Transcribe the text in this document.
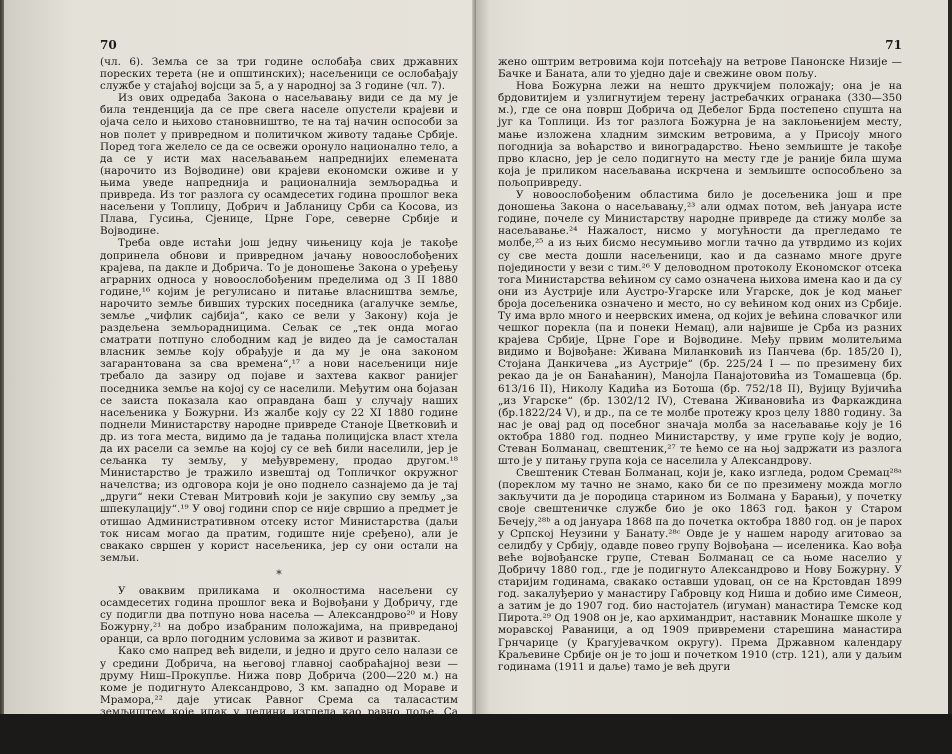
70

(чл. 6). Земља се за три године ослобађа свих државних пореских терета (не и општинских); насељеници се ослобађају службе у стајаћој војсци за 5, а у народној за 3 године (чл. 7).

Из ових одредаба Закона о насељавању види се да му је била тенденција да се пре свега населе опустели крајеви и ојача село и њихово становништво, те на тај начин оспособи за нов полет у привредном и политичком животу тадање Србије. Поред тога желело се да се освежи оронуло национално тело, а да се у исти мах насељавањем напреднијих елемената (нарочито из Војводине) ови крајеви економски оживе и у њима уведе напреднија и рационалнија земљорадња и привреда. Из тог разлога су осамдесетих година прошлог века насељени у Топлицу, Добрич и Јабланицу Срби са Косова, из Плава, Гусиња, Сјенице, Црне Горе, северне Србије и Војводине.

Треба овде истаћи још једну чињеницу која је такође допринела обнови и привредном јачању новоослобођених крајева, па дакле и Добрича. То је доношење Закона о уређењу аграрних односа у новоослобођеним пределима од 3 II 1880 године,¹⁶ којим је регулисано и питање власништва земље, нарочито земље бивших турских поседника (агалучке земље, земље „чифлик сајбија“, како се вели у Закону) која је раздељена земљорадницима. Сељак се „тек онда могао сматрати потпуно слободним кад је видео да је самосталан власник земље коју обрађује и да му је она законом загарантована за сва времена“,¹⁷ а нови насељеници није требало да зазиру од појаве и захтева каквог ранијег поседника земље на којој су се населили. Међутим она бојазан се заиста показала као оправдана баш у случају наших насељеника у Божурни. Из жалбе коју су 22 XI 1880 године поднели Министарству народне привреде Станоје Цветковић и др. из тога места, видимо да је тадања полицијска власт хтела да их расели са земље на којој су се већ били населили, јер је сељанка ту земљу, у међувремену, продао другом.¹⁸ Министарство је тражило извештај од Топличког окружног начелства; из одговора који је оно поднело сазнајемо да је тај „други“ неки Стеван Митровић који је закупио сву земљу „за шпекулацију“.¹⁹ У овој години спор се није свршио а предмет је отишао Административном отсеку истог Министарства (даљи ток нисам могао да пратим, годиште није сређено), али је свакако свршен у корист насељеника, јер су они остали на земљи.

*

У оваквим приликама и околностима насељени су осамдесетих година прошлог века и Војвођани у Добричу, где су подигли два потпуно нова насеља — Александрово²⁰ и Нову Божурну,²¹ на добро изабраним положајима, на привреданој оранци, са врло погодним условима за живот и развитак.

Како смо напред већ видели, и једно и друго село налази се у средини Добрича, на његовој главној саобраћајној вези — друму Ниш–Прокупље. Нижа повр Добрича (200—220 м.) на коме је подигнуто Александрово, 3 км. западно од Мораве и Мрамора,²² даје утисак Равног Срема са таласастим земљиштем које ипак у целини изгледа као равно поље. Са његове северне стране диже се Јастребац, чији огранци и сачињавају цело ово земљиште. Са те стране Александрово је изло-

71

жено оштрим ветровима који потсећају на ветрове Панонске Низије — Бачке и Баната, али то уједно даје и свежине овом пољу.

Нова Божурна лежи на нешто друкчијем положају; она је на брдовитијем и узлигнутијем терену јастребачких огранака (330—350 м.), где се она површ Добрича од Дебелог Брда постепено спушта на југ ка Топлици. Из тог разлога Божурна је на заклоњенијем месту, мање изложена хладним зимским ветровима, а у Присоју много погоднија за воћарство и виноградарство. Њено земљиште је такође прво класно, јер је село подигнуто на месту где је раније била шума која је приликом насељавања искрчена и земљиште оспособљено за пољопривреду.

У новоослобођеним областима било је досељеника још и пре доношења Закона о насељавању,²³ али одмах потом, већ јануара исте године, почеле су Министарству народне привреде да стижу молбе за насељавање.²⁴ Нажалост, нисмо у могућности да прегледамо те молбе,²⁵ а из њих бисмо несумњиво могли тачно да утврдимо из којих су све места дошли насељеници, као и да сазнамо многе друге појединости у вези с тим.²⁶ У деловодном протоколу Економског отсека тога Министарства већином су само означена њихова имена као и да су они из Аустрије или Аустро-Угарске или Угарске, док је код мањег броја досељеника означено и место, но су већином код оних из Србије. Ту има врло много и неервских имена, од којих је већина словачког или чешког порекла (па и понеки Немац), али највише је Срба из разних крајева Србије, Црне Горе и Војводине. Међу првим молитељима видимо и Војвођане: Живана Миланковић из Панчева (бр. 185/20 I), Стојана Данкичева „из Аустрије“ (бр. 225/24 I — по презимену бих рекао да је он Банаћанин), Манојла Панајотовића из Томашевца (бр. 613/16 II), Николу Кадића из Ботоша (бр. 752/18 II), Вујицу Вујичића „из Угарске“ (бр. 1302/12 IV), Стевана Живановића из Фаркаждина (бр.1822/24 V), и др., па се те молбе протежу кроз целу 1880 годину. За нас је овај рад од посебног значаја молба за насељавање коју је 16 октобра 1880 год. поднео Министарству, у име групе коју је водио, Стеван Болманац, свештеник,²⁷ те ћемо се на њој задржати из разлога што је у питању група која се населила у Александрову.

Свештеник Стеван Болманац, који је, како изгледа, родом Сремац²⁸ᵃ (пореклом му тачно не знамо, како би се по презимену можда могло закључити да је породица старином из Болмана у Барањи), у почетку своје свештеничке службе био је око 1863 год. ђакон у Старом Бечеју,²⁸ᵇ а од јануара 1868 па до почетка октобра 1880 год. он је парох у Српској Неузини у Банату.²⁸ᶜ Овде је у нашем народу агитовао за селидбу у Србију, одавде повео групу Војвођана — иселеника. Као вођа веће војвођанске групе, Стеван Болманац се са њоме населио у Добричу 1880 год., где је подигнуто Александрово и Нову Божурну. У старијим годинама, свакако оставши удовац, он се на Крстовдан 1899 год. закалуђерио у манастиру Габровцу код Ниша и добио име Симеон, а затим је до 1907 год. био настојатељ (игуман) манастира Темске код Пирота.²⁹ Од 1908 он је, као архимандрит, наставник Монашке школе у моравској Раваници, а од 1909 привремени старешина манастира Грнчарице (у Крагујевачком округу). Према Државном календару Краљевине Србије он је то још и почетком 1910 (стр. 121), али у даљим годинама (1911 и даље) тамо је већ други
